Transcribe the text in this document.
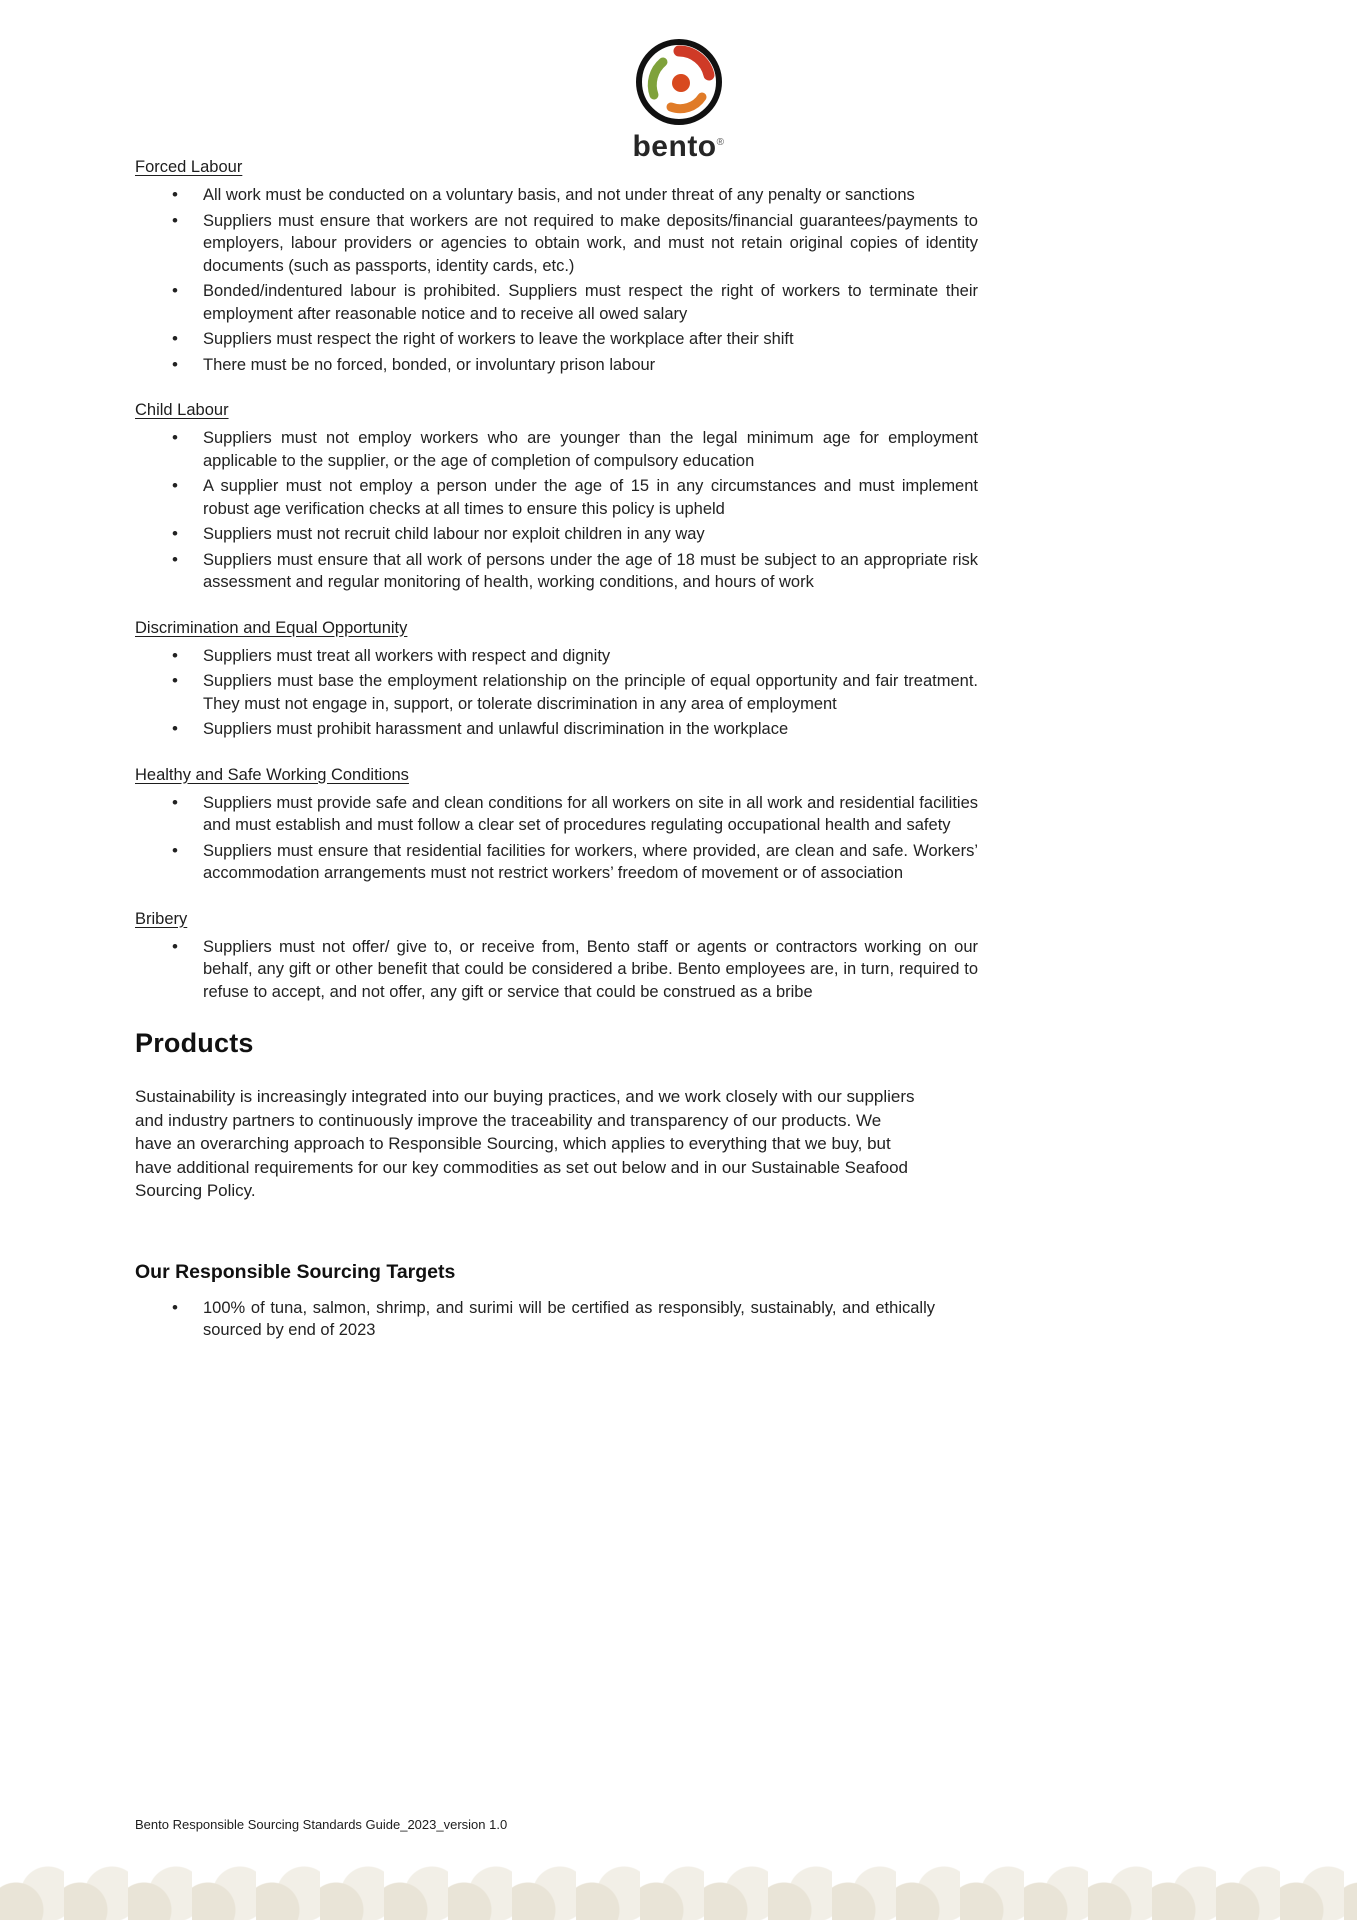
bento®
Forced Labour
• All work must be conducted on a voluntary basis, and not under threat of any penalty or sanctions
• Suppliers must ensure that workers are not required to make deposits/financial guarantees/payments to employers, labour providers or agencies to obtain work, and must not retain original copies of identity documents (such as passports, identity cards, etc.)
• Bonded/indentured labour is prohibited. Suppliers must respect the right of workers to terminate their employment after reasonable notice and to receive all owed salary
• Suppliers must respect the right of workers to leave the workplace after their shift
• There must be no forced, bonded, or involuntary prison labour
Child Labour
• Suppliers must not employ workers who are younger than the legal minimum age for employment applicable to the supplier, or the age of completion of compulsory education
• A supplier must not employ a person under the age of 15 in any circumstances and must implement robust age verification checks at all times to ensure this policy is upheld
• Suppliers must not recruit child labour nor exploit children in any way
• Suppliers must ensure that all work of persons under the age of 18 must be subject to an appropriate risk assessment and regular monitoring of health, working conditions, and hours of work
Discrimination and Equal Opportunity
• Suppliers must treat all workers with respect and dignity
• Suppliers must base the employment relationship on the principle of equal opportunity and fair treatment. They must not engage in, support, or tolerate discrimination in any area of employment
• Suppliers must prohibit harassment and unlawful discrimination in the workplace
Healthy and Safe Working Conditions
• Suppliers must provide safe and clean conditions for all workers on site in all work and residential facilities and must establish and must follow a clear set of procedures regulating occupational health and safety
• Suppliers must ensure that residential facilities for workers, where provided, are clean and safe. Workers’ accommodation arrangements must not restrict workers’ freedom of movement or of association
Bribery
• Suppliers must not offer/ give to, or receive from, Bento staff or agents or contractors working on our behalf, any gift or other benefit that could be considered a bribe. Bento employees are, in turn, required to refuse to accept, and not offer, any gift or service that could be construed as a bribe
Products

Sustainability is increasingly integrated into our buying practices, and we work closely with our suppliers and industry partners to continuously improve the traceability and transparency of our products. We have an overarching approach to Responsible Sourcing, which applies to everything that we buy, but have additional requirements for our key commodities as set out below and in our Sustainable Seafood Sourcing Policy.

Our Responsible Sourcing Targets
• 100% of tuna, salmon, shrimp, and surimi will be certified as responsibly, sustainably, and ethically sourced by end of 2023
Bento Responsible Sourcing Standards Guide_2023_version 1.0
